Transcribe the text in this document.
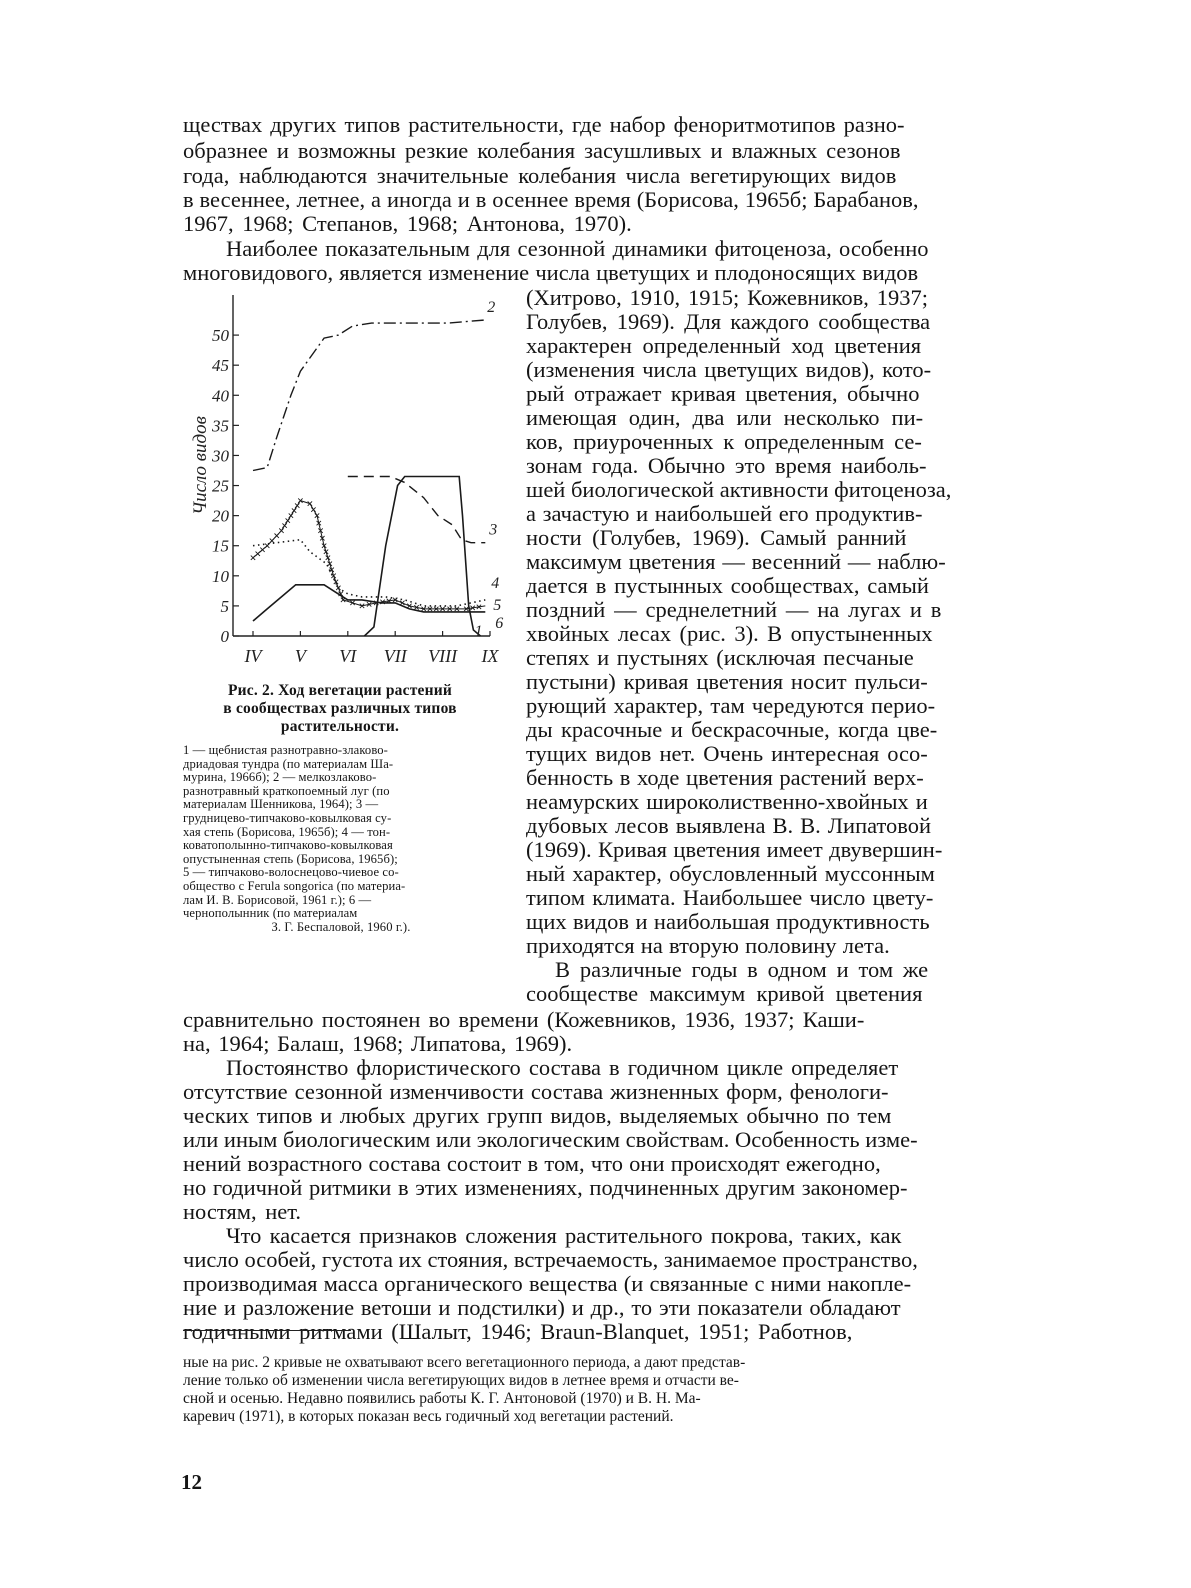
ществах других типов растительности, где набор феноритмотипов разно-
образнее и возможны резкие колебания засушливых и влажных сезонов
года, наблюдаются значительные колебания числа вегетирующих видов
в весеннее, летнее, а иногда и в осеннее время (Борисова, 1965б; Барабанов,
1967, 1968; Степанов, 1968; Антонова, 1970).
Наиболее показательным для сезонной динамики фитоценоза, особенно
многовидового, является изменение числа цветущих и плодоносящих видов
0
5
10
15
20
25
30
35
40
45
50
IV V VI VII VIII IX
1
2
3
4
5
6
Число видов
Рис. 2. Ход вегетации растений
в сообществах различных типов
растительности.
1 — щебнистая разнотравно-злаково-
дриадовая тундра (по материалам Ша-
мурина, 1966б); 2 — мелкозлаково-
разнотравный краткопоемный луг (по
материалам Шенникова, 1964); 3 —
грудницево-типчаково-ковылковая су-
хая степь (Борисова, 1965б); 4 — тон-
коватополынно-типчаково-ковылковая
опустыненная степь (Борисова, 1965б);
5 — типчаково-волоснецово-чиевое со-
общество с Ferula songorica (по материа-
лам И. В. Борисовой, 1961 г.); 6 —
чернополынник (по материалам
З. Г. Беспаловой, 1960 г.).
(Хитрово, 1910, 1915; Кожевников, 1937;
Голубев, 1969). Для каждого сообщества
характерен определенный ход цветения
(изменения числа цветущих видов), кото-
рый отражает кривая цветения, обычно
имеющая один, два или несколько пи-
ков, приуроченных к определенным се-
зонам года. Обычно это время наиболь-
шей биологической активности фитоценоза,
а зачастую и наибольшей его продуктив-
ности (Голубев, 1969). Самый ранний
максимум цветения — весенний — наблю-
дается в пустынных сообществах, самый
поздний — среднелетний — на лугах и в
хвойных лесах (рис. 3). В опустыненных
степях и пустынях (исключая песчаные
пустыни) кривая цветения носит пульси-
рующий характер, там чередуются перио-
ды красочные и бескрасочные, когда цве-
тущих видов нет. Очень интересная осо-
бенность в ходе цветения растений верх-
неамурских широколиственно-хвойных и
дубовых лесов выявлена В. В. Липатовой
(1969). Кривая цветения имеет двувершин-
ный характер, обусловленный муссонным
типом климата. Наибольшее число цвету-
щих видов и наибольшая продуктивность
приходятся на вторую половину лета.
В различные годы в одном и том же
сообществе максимум кривой цветения
сравнительно постоянен во времени (Кожевников, 1936, 1937; Каши-
на, 1964; Балаш, 1968; Липатова, 1969).
Постоянство флористического состава в годичном цикле определяет
отсутствие сезонной изменчивости состава жизненных форм, фенологи-
ческих типов и любых других групп видов, выделяемых обычно по тем
или иным биологическим или экологическим свойствам. Особенность изме-
нений возрастного состава состоит в том, что они происходят ежегодно,
но годичной ритмики в этих изменениях, подчиненных другим закономер-
ностям, нет.
Что касается признаков сложения растительного покрова, таких, как
число особей, густота их стояния, встречаемость, занимаемое пространство,
производимая масса органического вещества (и связанные с ними накопле-
ние и разложение ветоши и подстилки) и др., то эти показатели обладают
годичными ритмами (Шалыт, 1946; Braun-Blanquet, 1951; Работнов,
ные на рис. 2 кривые не охватывают всего вегетационного периода, а дают представ-
ление только об изменении числа вегетирующих видов в летнее время и отчасти ве-
сной и осенью. Недавно появились работы К. Г. Антоновой (1970) и В. Н. Ма-
каревич (1971), в которых показан весь годичный ход вегетации растений.
12
